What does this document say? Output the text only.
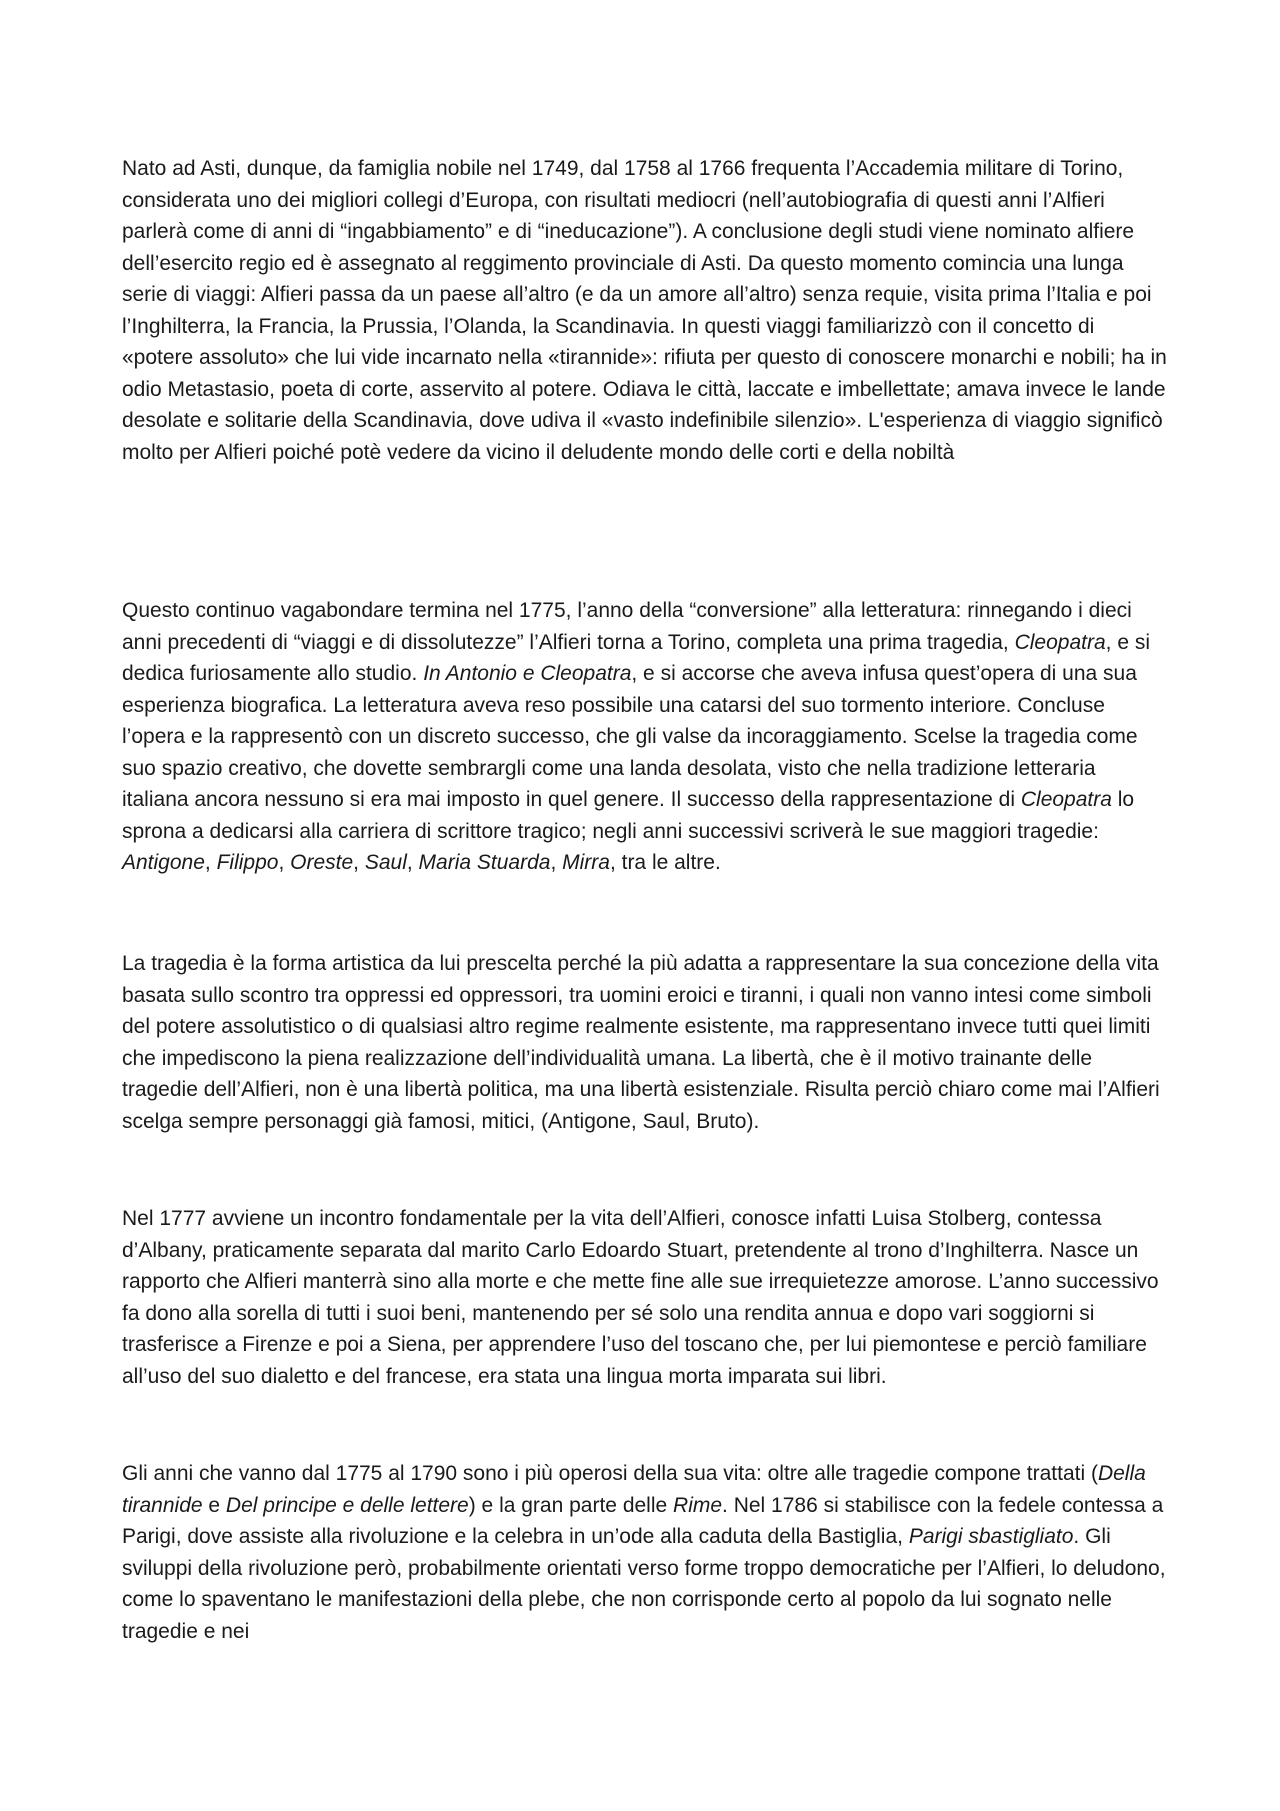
Nato ad Asti, dunque, da famiglia nobile nel 1749, dal 1758 al 1766 frequenta l’Accademia militare di Torino, considerata uno dei migliori collegi d’Europa, con risultati mediocri (nell’autobiografia di questi anni l’Alfieri parlerà come di anni di “ingabbiamento” e di “ineducazione”). A conclusione degli studi viene nominato alfiere dell’esercito regio ed è assegnato al reggimento provinciale di Asti. Da questo momento comincia una lunga serie di viaggi: Alfieri passa da un paese all’altro (e da un amore all’altro) senza requie, visita prima l’Italia e poi l’Inghilterra, la Francia, la Prussia, l’Olanda, la Scandinavia. In questi viaggi familiarizzò con il concetto di «potere assoluto» che lui vide incarnato nella «tirannide»: rifiuta per questo di conoscere monarchi e nobili; ha in odio Metastasio, poeta di corte, asservito al potere. Odiava le città, laccate e imbellettate; amava invece le lande desolate e solitarie della Scandinavia, dove udiva il «vasto indefinibile silenzio». L'esperienza di viaggio significò molto per Alfieri poiché potè vedere da vicino il deludente mondo delle corti e della nobiltà

Questo continuo vagabondare termina nel 1775, l’anno della “conversione” alla letteratura: rinnegando i dieci anni precedenti di “viaggi e di dissolutezze” l’Alfieri torna a Torino, completa una prima tragedia, Cleopatra, e si dedica furiosamente allo studio. In Antonio e Cleopatra, e si accorse che aveva infusa quest’opera di una sua esperienza biografica. La letteratura aveva reso possibile una catarsi del suo tormento interiore. Concluse l’opera e la rappresentò con un discreto successo, che gli valse da incoraggiamento. Scelse la tragedia come suo spazio creativo, che dovette sembrargli come una landa desolata, visto che nella tradizione letteraria italiana ancora nessuno si era mai imposto in quel genere. Il successo della rappresentazione di Cleopatra lo sprona a dedicarsi alla carriera di scrittore tragico; negli anni successivi scriverà le sue maggiori tragedie: Antigone, Filippo, Oreste, Saul, Maria Stuarda, Mirra, tra le altre.

La tragedia è la forma artistica da lui prescelta perché la più adatta a rappresentare la sua concezione della vita basata sullo scontro tra oppressi ed oppressori, tra uomini eroici e tiranni, i quali non vanno intesi come simboli del potere assolutistico o di qualsiasi altro regime realmente esistente, ma rappresentano invece tutti quei limiti che impediscono la piena realizzazione dell’individualità umana. La libertà, che è il motivo trainante delle tragedie dell’Alfieri, non è una libertà politica, ma una libertà esistenziale. Risulta perciò chiaro come mai l’Alfieri scelga sempre personaggi già famosi, mitici, (Antigone, Saul, Bruto).

Nel 1777 avviene un incontro fondamentale per la vita dell’Alfieri, conosce infatti Luisa Stolberg, contessa d’Albany, praticamente separata dal marito Carlo Edoardo Stuart, pretendente al trono d’Inghilterra. Nasce un rapporto che Alfieri manterrà sino alla morte e che mette fine alle sue irrequietezze amorose. L’anno successivo fa dono alla sorella di tutti i suoi beni, mantenendo per sé solo una rendita annua e dopo vari soggiorni si trasferisce a Firenze e poi a Siena, per apprendere l’uso del toscano che, per lui piemontese e perciò familiare all’uso del suo dialetto e del francese, era stata una lingua morta imparata sui libri.

Gli anni che vanno dal 1775 al 1790 sono i più operosi della sua vita: oltre alle tragedie compone trattati (Della tirannide e Del principe e delle lettere) e la gran parte delle Rime. Nel 1786 si stabilisce con la fedele contessa a Parigi, dove assiste alla rivoluzione e la celebra in un’ode alla caduta della Bastiglia, Parigi sbastigliato. Gli sviluppi della rivoluzione però, probabilmente orientati verso forme troppo democratiche per l’Alfieri, lo deludono, come lo spaventano le manifestazioni della plebe, che non corrisponde certo al popolo da lui sognato nelle tragedie e nei
